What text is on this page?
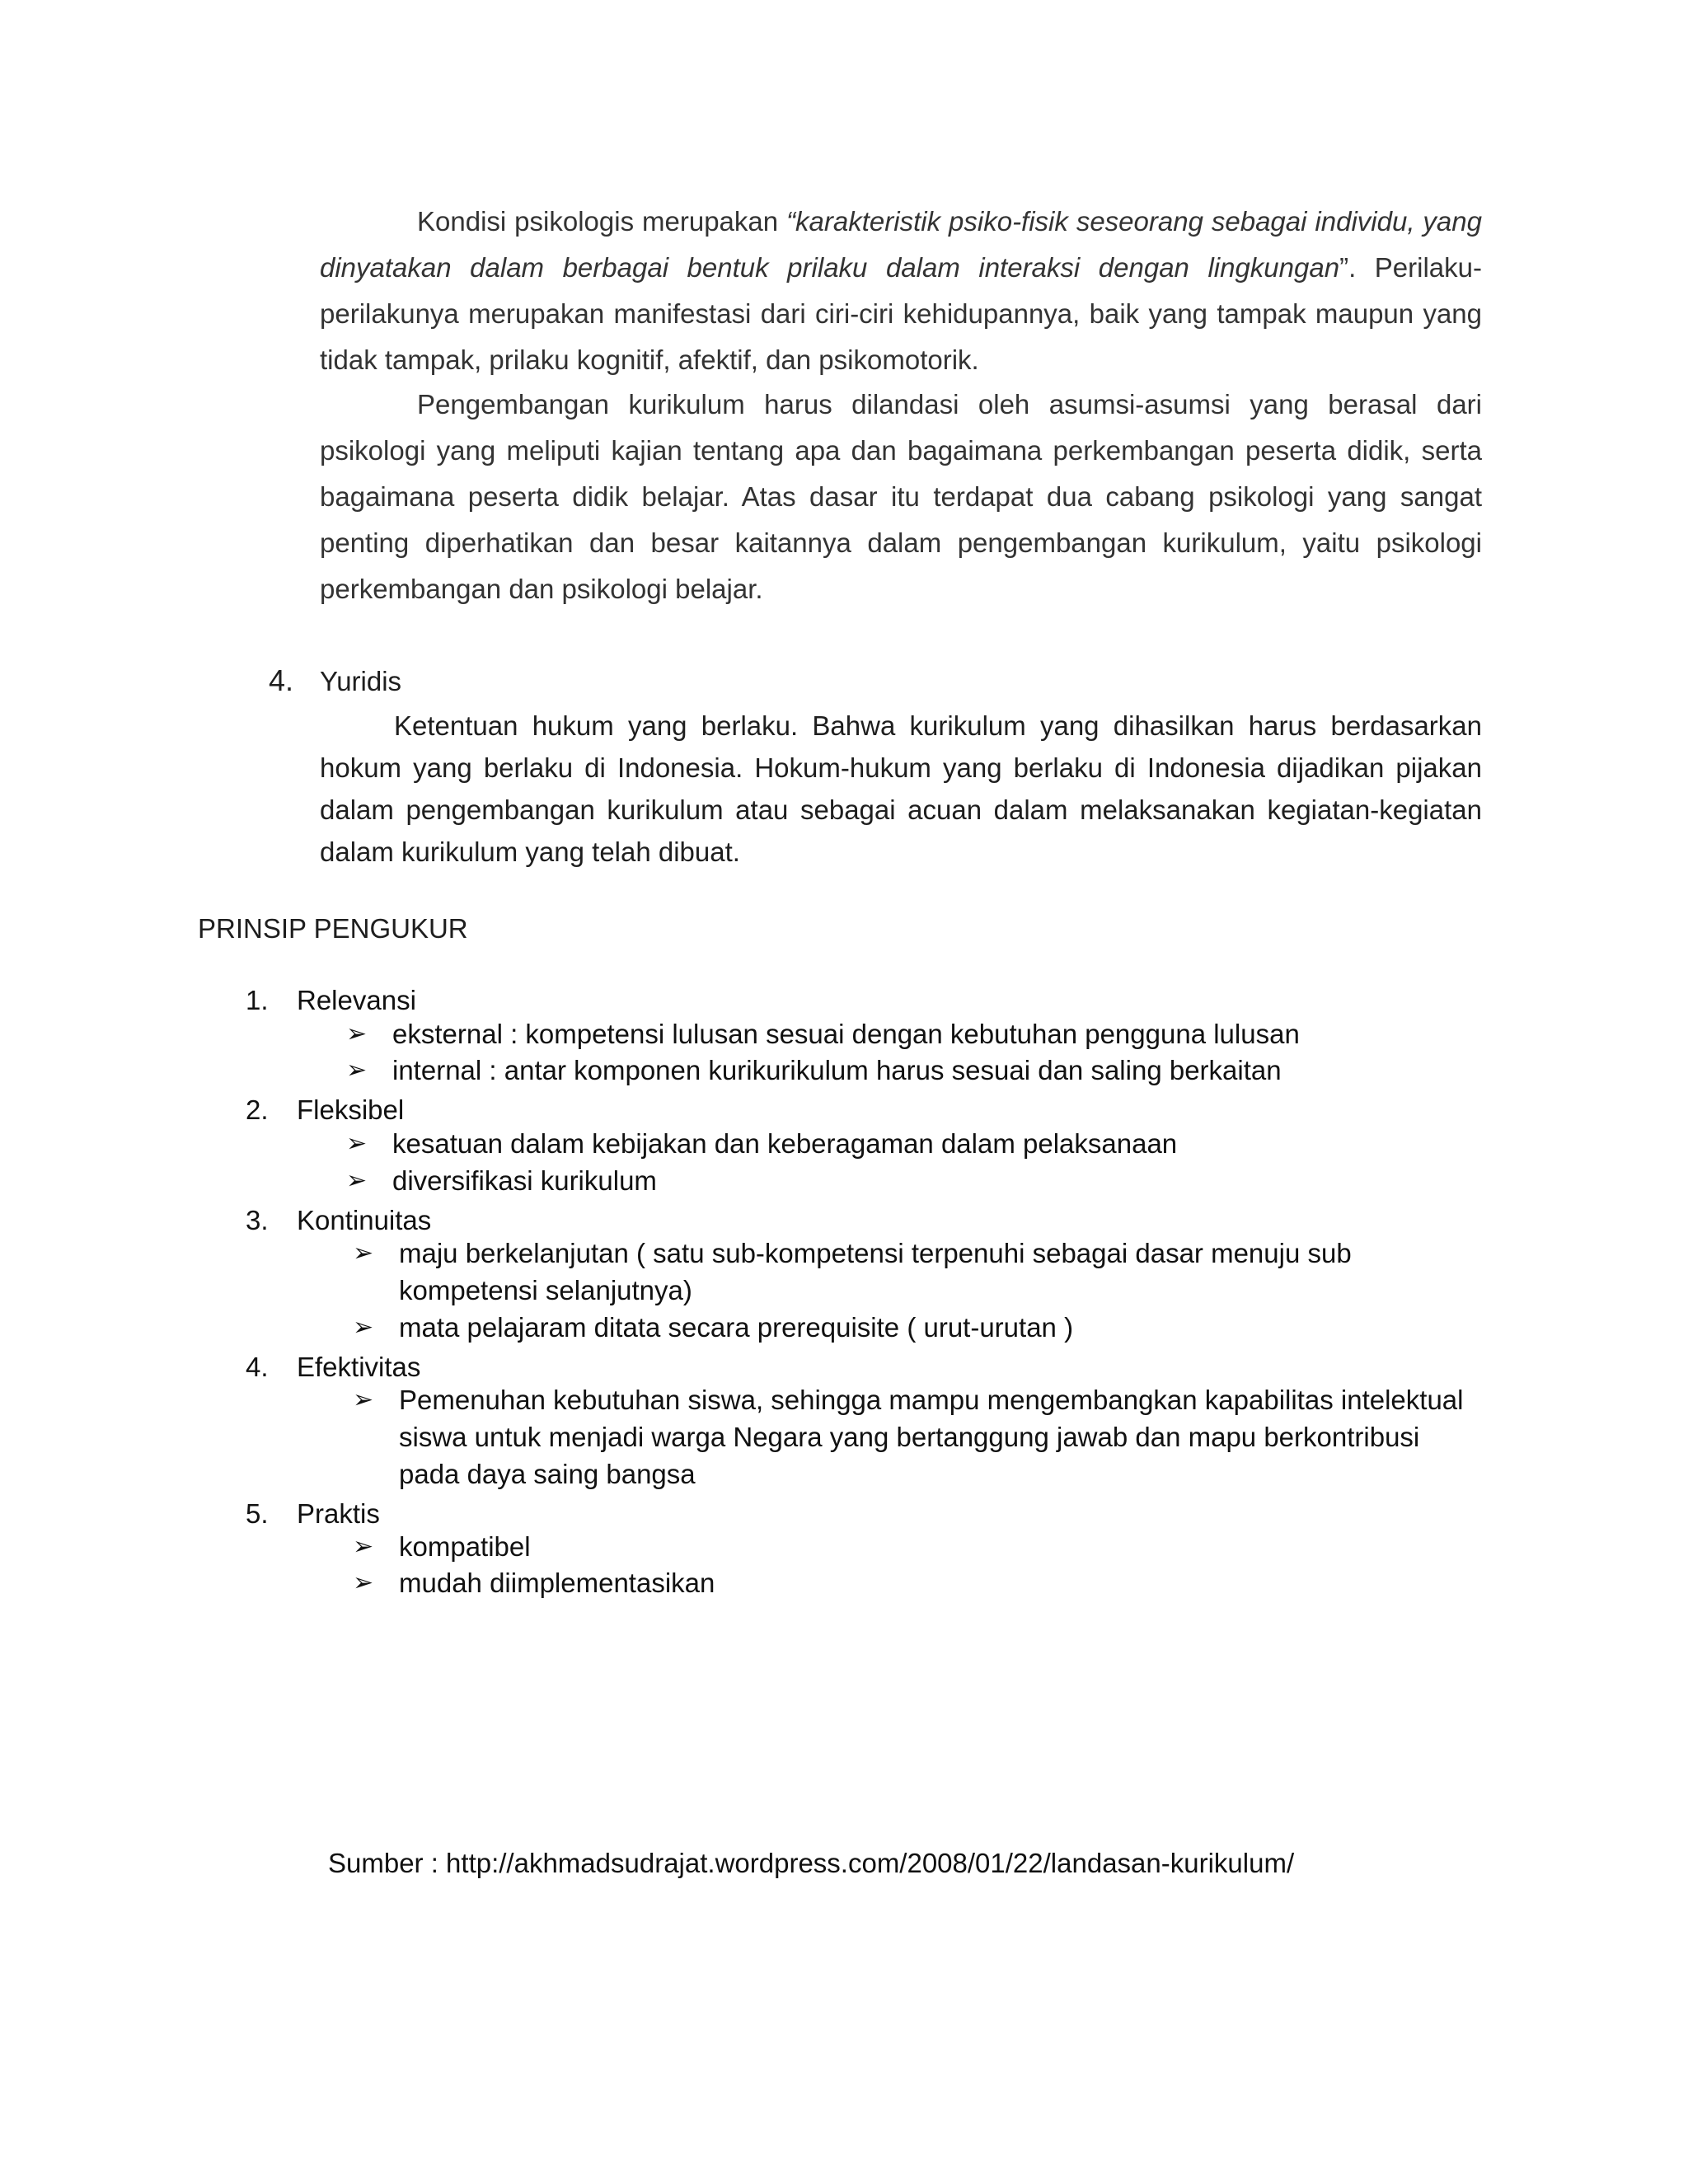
Kondisi psikologis merupakan “karakteristik psiko-fisik seseorang sebagai individu, yang dinyatakan dalam berbagai bentuk prilaku dalam interaksi dengan lingkungan”. Perilaku-perilakunya merupakan manifestasi dari ciri-ciri kehidupannya, baik yang tampak maupun yang tidak tampak, prilaku kognitif, afektif, dan psikomotorik.

Pengembangan kurikulum harus dilandasi oleh asumsi-asumsi yang berasal dari psikologi yang meliputi kajian tentang apa dan bagaimana perkembangan peserta didik, serta bagaimana peserta didik belajar. Atas dasar itu terdapat dua cabang psikologi yang sangat penting diperhatikan dan besar kaitannya dalam pengembangan kurikulum, yaitu psikologi perkembangan dan psikologi belajar.

4. Yuridis

Ketentuan hukum yang berlaku. Bahwa kurikulum yang dihasilkan harus berdasarkan hokum yang berlaku di Indonesia. Hokum-hukum yang berlaku di Indonesia dijadikan pijakan dalam pengembangan kurikulum atau sebagai acuan dalam melaksanakan kegiatan-kegiatan dalam kurikulum yang telah dibuat.

PRINSIP PENGUKUR
1. Relevansi
➢ eksternal : kompetensi lulusan sesuai dengan kebutuhan pengguna lulusan
➢ internal : antar komponen kurikurikulum harus sesuai dan saling berkaitan
2. Fleksibel
➢ kesatuan dalam kebijakan dan keberagaman dalam pelaksanaan
➢ diversifikasi kurikulum
3. Kontinuitas
➢ maju berkelanjutan ( satu sub-kompetensi terpenuhi sebagai dasar menuju sub kompetensi selanjutnya)
➢ mata pelajaram ditata secara prerequisite ( urut-urutan )
4. Efektivitas
➢ Pemenuhan kebutuhan siswa, sehingga mampu mengembangkan kapabilitas intelektual siswa untuk menjadi warga Negara yang bertanggung jawab dan mapu berkontribusi pada daya saing bangsa
5. Praktis
➢ kompatibel
➢ mudah diimplementasikan
Sumber : http://akhmadsudrajat.wordpress.com/2008/01/22/landasan-kurikulum/
